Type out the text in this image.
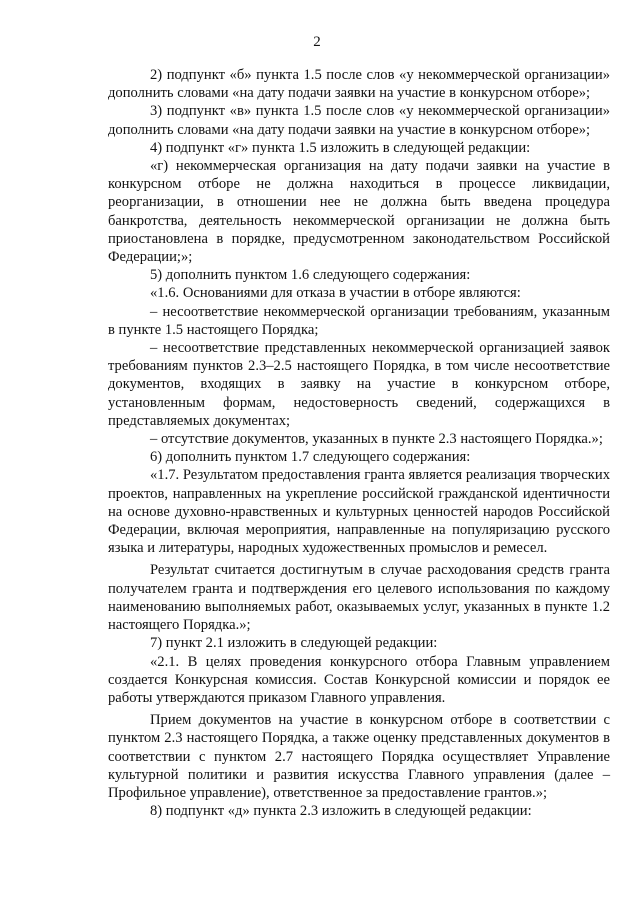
2

2) подпункт «б» пункта 1.5 после слов «у некоммерческой организации» дополнить словами «на дату подачи заявки на участие в конкурсном отборе»;

3) подпункт «в» пункта 1.5 после слов «у некоммерческой организации» дополнить словами «на дату подачи заявки на участие в конкурсном отборе»;

4) подпункт «г» пункта 1.5 изложить в следующей редакции:

«г) некоммерческая организация на дату подачи заявки на участие в конкурсном отборе не должна находиться в процессе ликвидации, реорганизации, в отношении нее не должна быть введена процедура банкротства, деятельность некоммерческой организации не должна быть приостановлена в порядке, предусмотренном законодательством Российской Федерации;»;

5) дополнить пунктом 1.6 следующего содержания:

«1.6. Основаниями для отказа в участии в отборе являются:

– несоответствие некоммерческой организации требованиям, указанным в пункте 1.5 настоящего Порядка;

– несоответствие представленных некоммерческой организацией заявок требованиям пунктов 2.3–2.5 настоящего Порядка, в том числе несоответствие документов, входящих в заявку на участие в конкурсном отборе, установленным формам, недостоверность сведений, содержащихся в представляемых документах;

– отсутствие документов, указанных в пункте 2.3 настоящего Порядка.»;

6) дополнить пунктом 1.7 следующего содержания:

«1.7. Результатом предоставления гранта является реализация творческих проектов, направленных на укрепление российской гражданской идентичности на основе духовно-нравственных и культурных ценностей народов Российской Федерации, включая мероприятия, направленные на популяризацию русского языка и литературы, народных художественных промыслов и ремесел.

Результат считается достигнутым в случае расходования средств гранта получателем гранта и подтверждения его целевого использования по каждому наименованию выполняемых работ, оказываемых услуг, указанных в пункте 1.2 настоящего Порядка.»;

7) пункт 2.1 изложить в следующей редакции:

«2.1. В целях проведения конкурсного отбора Главным управлением создается Конкурсная комиссия. Состав Конкурсной комиссии и порядок ее работы утверждаются приказом Главного управления.

Прием документов на участие в конкурсном отборе в соответствии с пунктом 2.3 настоящего Порядка, а также оценку представленных документов в соответствии с пунктом 2.7 настоящего Порядка осуществляет Управление культурной политики и развития искусства Главного управления (далее – Профильное управление), ответственное за предоставление грантов.»;

8) подпункт «д» пункта 2.3 изложить в следующей редакции:
